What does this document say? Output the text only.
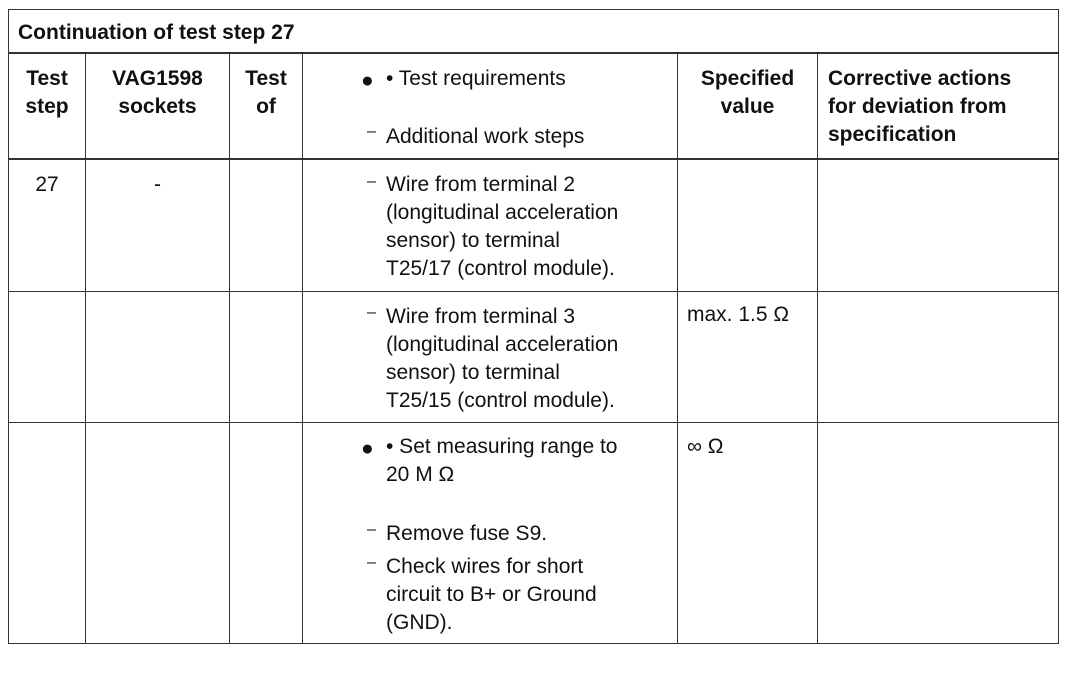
Continuation of test step 27
Test
step
VAG1598
sockets
Test
of
● • Test requirements
– Additional work steps
Specified
value
Corrective actions
for deviation from
specification
27	-	– Wire from terminal 2
(longitudinal acceleration
sensor) to terminal
T25/17 (control module).
– Wire from terminal 3
(longitudinal acceleration
sensor) to terminal
T25/15 (control module).
max. 1.5 Ω
● • Set measuring range to
20 M Ω
– Remove fuse S9.
– Check wires for short
circuit to B+ or Ground
(GND).
∞ Ω
